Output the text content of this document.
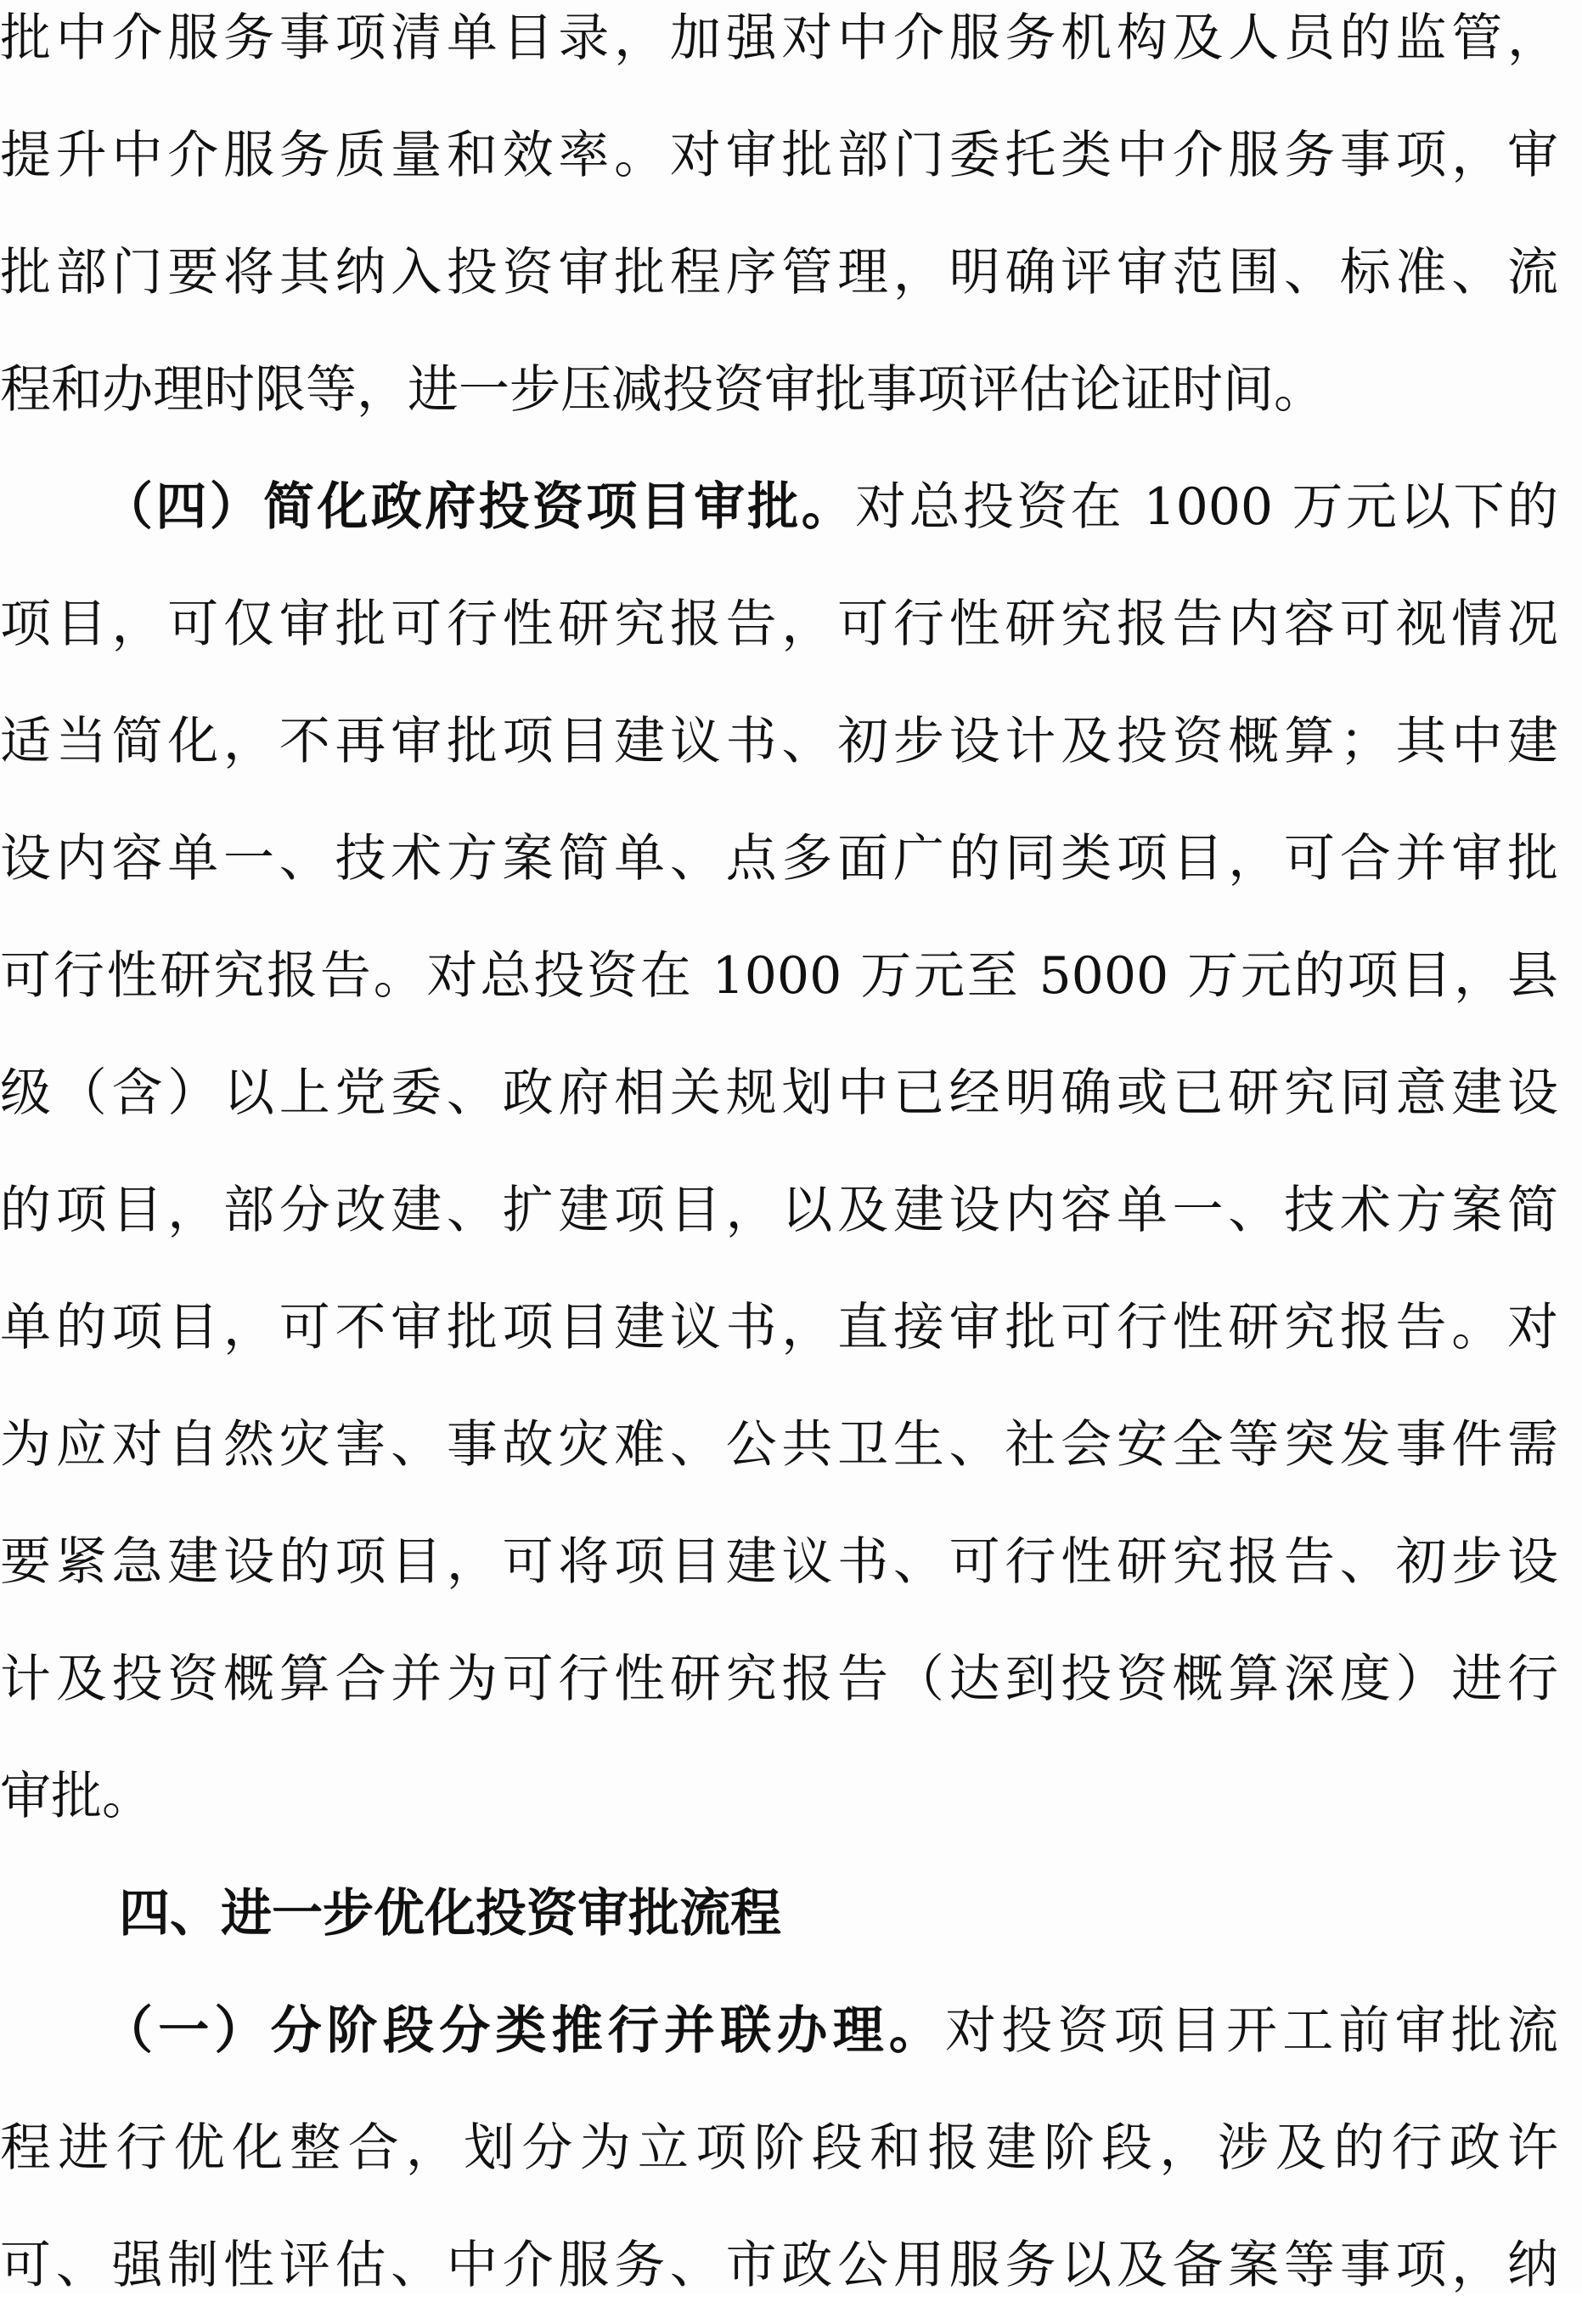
批中介服务事项清单目录，加强对中介服务机构及人员的监管，
提升中介服务质量和效率。对审批部门委托类中介服务事项，审
批部门要将其纳入投资审批程序管理，明确评审范围、标准、流
程和办理时限等，进一步压减投资审批事项评估论证时间。
（四）简化政府投资项目审批。对总投资在 1000 万元以下的
项目，可仅审批可行性研究报告，可行性研究报告内容可视情况
适当简化，不再审批项目建议书、初步设计及投资概算；其中建
设内容单一、技术方案简单、点多面广的同类项目，可合并审批
可行性研究报告。对总投资在 1000 万元至 5000 万元的项目，县
级（含）以上党委、政府相关规划中已经明确或已研究同意建设
的项目，部分改建、扩建项目，以及建设内容单一、技术方案简
单的项目，可不审批项目建议书，直接审批可行性研究报告。对
为应对自然灾害、事故灾难、公共卫生、社会安全等突发事件需
要紧急建设的项目，可将项目建议书、可行性研究报告、初步设
计及投资概算合并为可行性研究报告（达到投资概算深度）进行
审批。
四、进一步优化投资审批流程
（一）分阶段分类推行并联办理。对投资项目开工前审批流
程进行优化整合，划分为立项阶段和报建阶段，涉及的行政许
可、强制性评估、中介服务、市政公用服务以及备案等事项，纳
